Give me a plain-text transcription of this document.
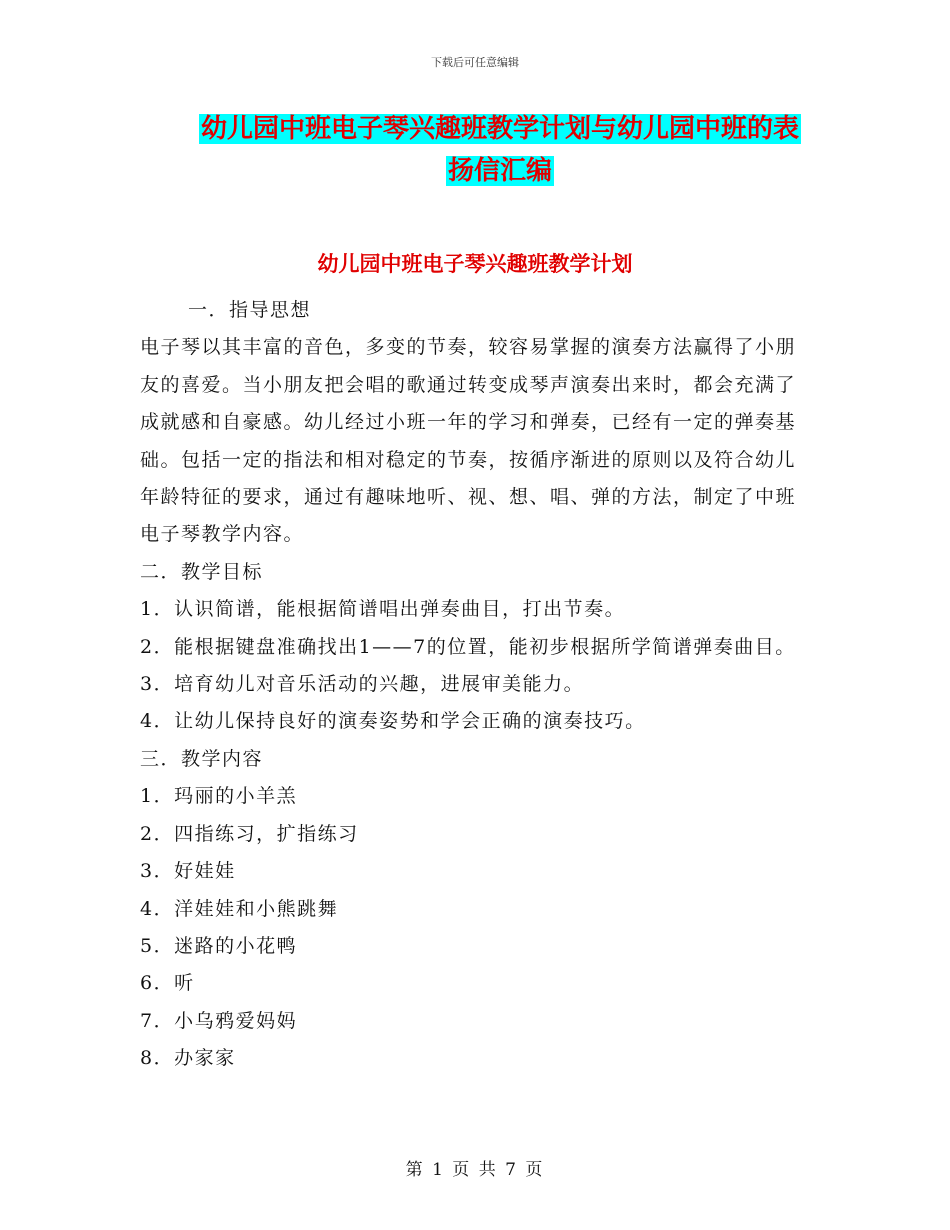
下载后可任意编辑
幼儿园中班电子琴兴趣班教学计划与幼儿园中班的表
扬信汇编
幼儿园中班电子琴兴趣班教学计划

一．指导思想

电子琴以其丰富的音色，多变的节奏，较容易掌握的演奏方法赢得了小朋友的喜爱。当小朋友把会唱的歌通过转变成琴声演奏出来时，都会充满了成就感和自豪感。幼儿经过小班一年的学习和弹奏，已经有一定的弹奏基础。包括一定的指法和相对稳定的节奏，按循序渐进的原则以及符合幼儿年龄特征的要求，通过有趣味地听、视、想、唱、弹的方法，制定了中班电子琴教学内容。

二．教学目标

1．认识简谱，能根据简谱唱出弹奏曲目，打出节奏。

2．能根据键盘准确找出1——7的位置，能初步根据所学简谱弹奏曲目。

3．培育幼儿对音乐活动的兴趣，进展审美能力。

4．让幼儿保持良好的演奏姿势和学会正确的演奏技巧。

三．教学内容

1．玛丽的小羊羔

2．四指练习，扩指练习

3．好娃娃

4．洋娃娃和小熊跳舞

5．迷路的小花鸭

6．听

7．小乌鸦爱妈妈

8．办家家

第 1 页 共 7 页
